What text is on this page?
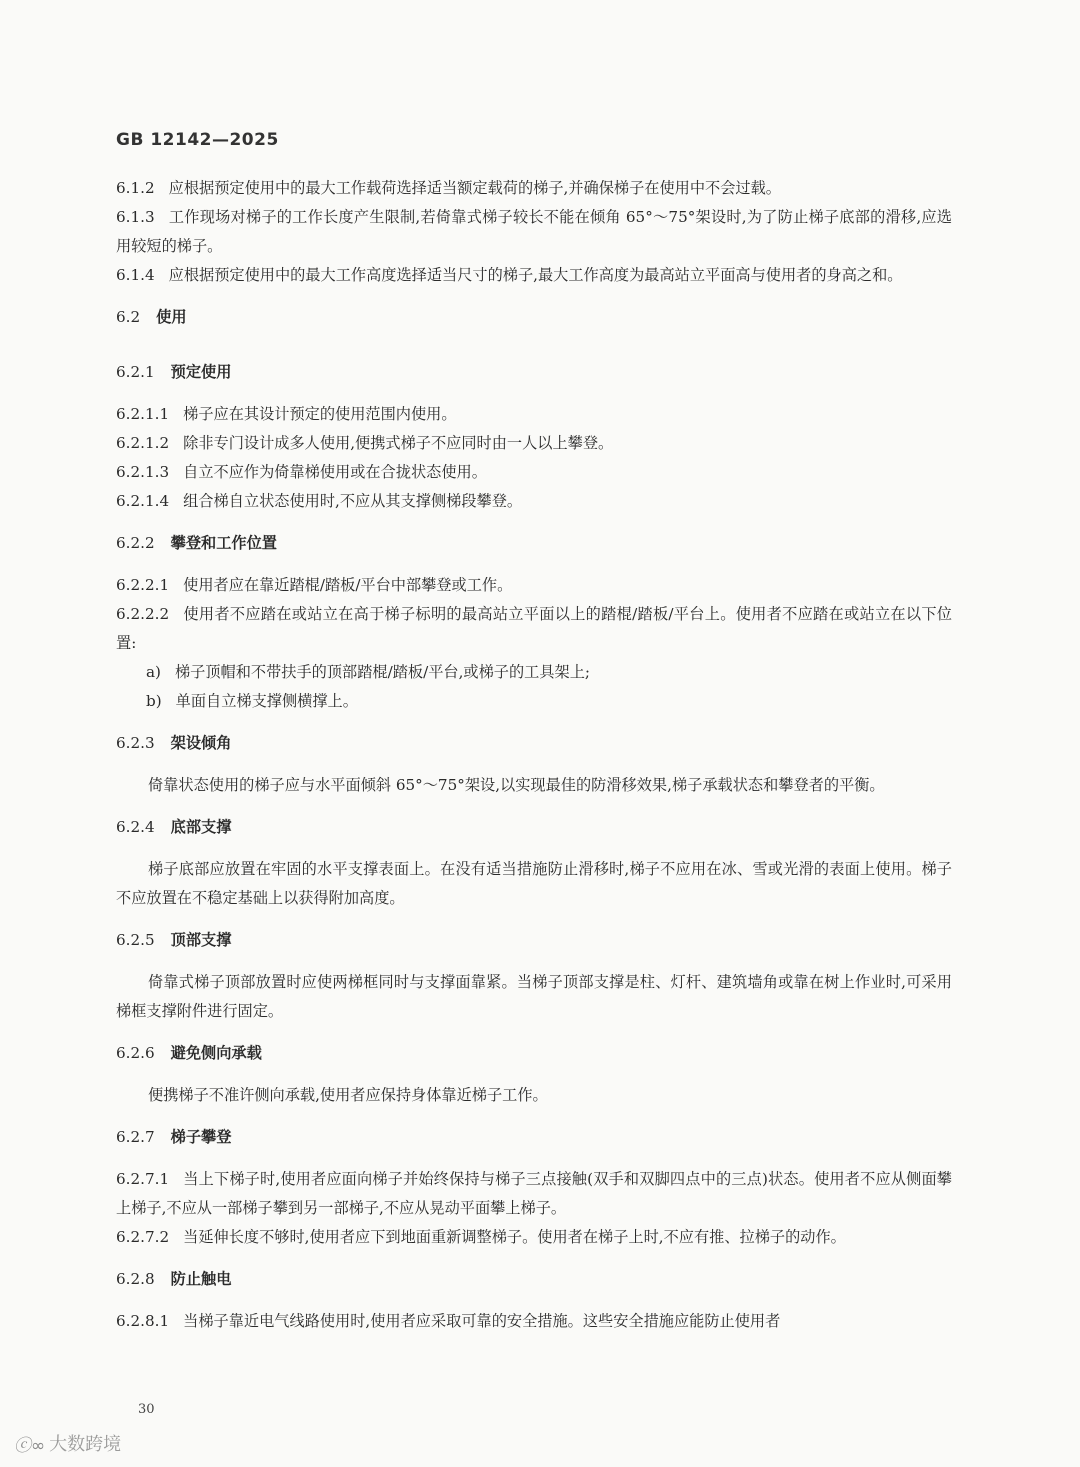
GB 12142—2025

6.1.2 应根据预定使用中的最大工作载荷选择适当额定载荷的梯子,并确保梯子在使用中不会过载。

6.1.3 工作现场对梯子的工作长度产生限制,若倚靠式梯子较长不能在倾角 65°～75°架设时,为了防止梯子底部的滑移,应选用较短的梯子。

6.1.4 应根据预定使用中的最大工作高度选择适当尺寸的梯子,最大工作高度为最高站立平面高与使用者的身高之和。

6.2 使用

6.2.1 预定使用

6.2.1.1 梯子应在其设计预定的使用范围内使用。

6.2.1.2 除非专门设计成多人使用,便携式梯子不应同时由一人以上攀登。

6.2.1.3 自立不应作为倚靠梯使用或在合拢状态使用。

6.2.1.4 组合梯自立状态使用时,不应从其支撑侧梯段攀登。

6.2.2 攀登和工作位置

6.2.2.1 使用者应在靠近踏棍/踏板/平台中部攀登或工作。

6.2.2.2 使用者不应踏在或站立在高于梯子标明的最高站立平面以上的踏棍/踏板/平台上。使用者不应踏在或站立在以下位置:

a) 梯子顶帽和不带扶手的顶部踏棍/踏板/平台,或梯子的工具架上;

b) 单面自立梯支撑侧横撑上。

6.2.3 架设倾角

倚靠状态使用的梯子应与水平面倾斜 65°～75°架设,以实现最佳的防滑移效果,梯子承载状态和攀登者的平衡。

6.2.4 底部支撑

梯子底部应放置在牢固的水平支撑表面上。在没有适当措施防止滑移时,梯子不应用在冰、雪或光滑的表面上使用。梯子不应放置在不稳定基础上以获得附加高度。

6.2.5 顶部支撑

倚靠式梯子顶部放置时应使两梯框同时与支撑面靠紧。当梯子顶部支撑是柱、灯杆、建筑墙角或靠在树上作业时,可采用梯框支撑附件进行固定。

6.2.6 避免侧向承载

便携梯子不准许侧向承载,使用者应保持身体靠近梯子工作。

6.2.7 梯子攀登

6.2.7.1 当上下梯子时,使用者应面向梯子并始终保持与梯子三点接触(双手和双脚四点中的三点)状态。使用者不应从侧面攀上梯子,不应从一部梯子攀到另一部梯子,不应从晃动平面攀上梯子。

6.2.7.2 当延伸长度不够时,使用者应下到地面重新调整梯子。使用者在梯子上时,不应有推、拉梯子的动作。

6.2.8 防止触电

6.2.8.1 当梯子靠近电气线路使用时,使用者应采取可靠的安全措施。这些安全措施应能防止使用者

30
ⓒ∞ 大数跨境
